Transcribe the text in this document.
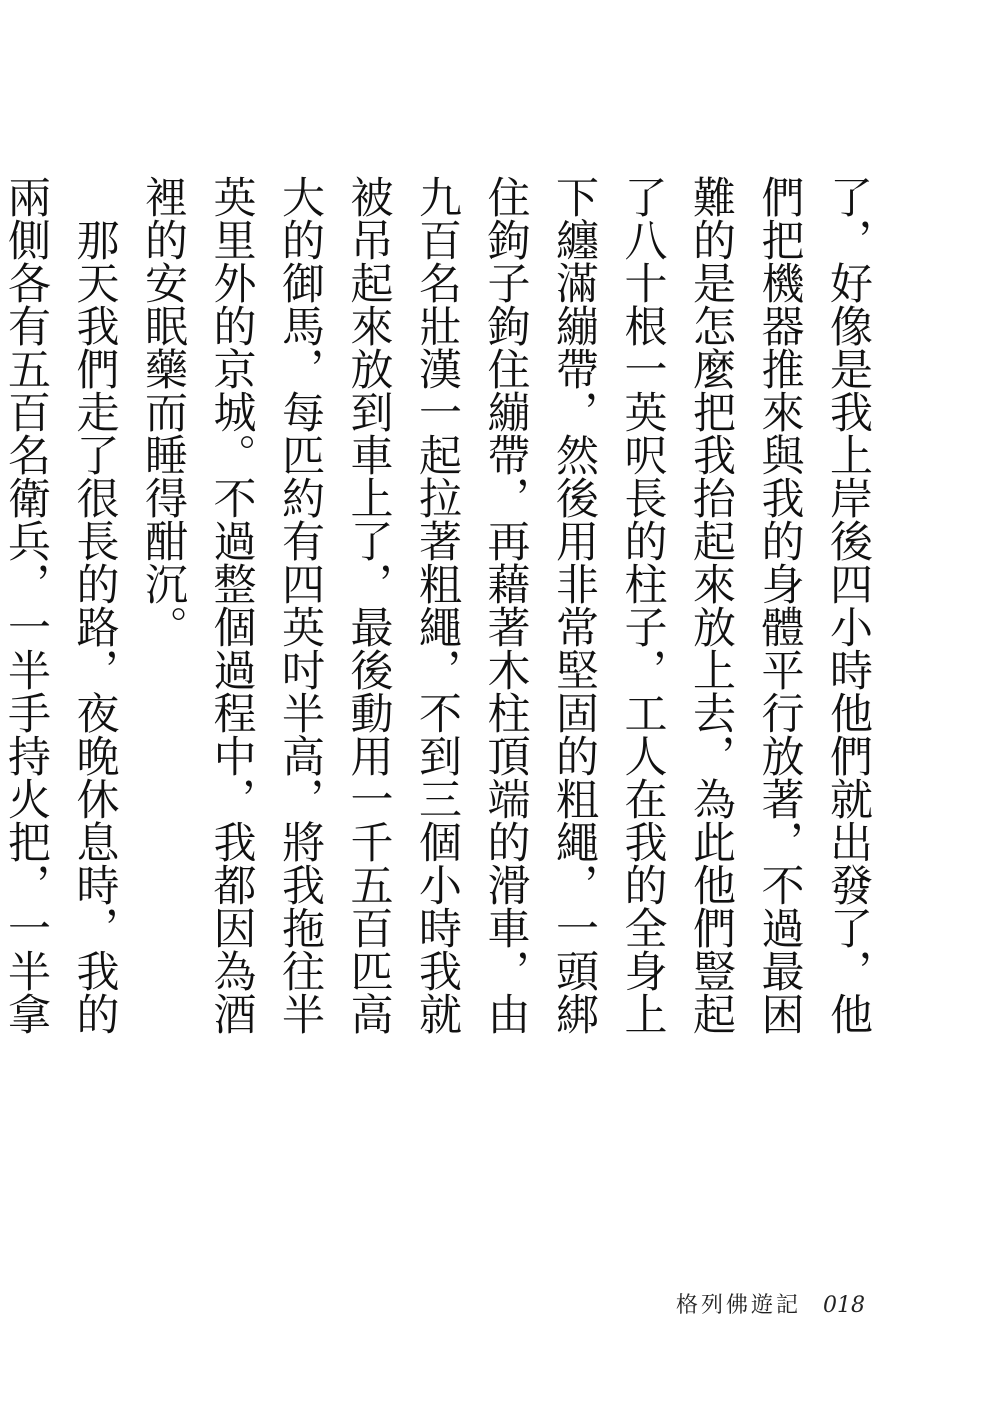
了，好像是我上岸後四小時他們就出發了，他們把機器推來與我的身體平行放著，不過最困難的是怎麼把我抬起來放上去，為此他們豎起了八十根一英呎長的柱子，工人在我的全身上下纏滿繃帶，然後用非常堅固的粗繩，一頭綁住鉤子鉤住繃帶，再藉著木柱頂端的滑車，由九百名壯漢一起拉著粗繩，不到三個小時我就被吊起來放到車上了，最後動用一千五百匹高大的御馬，每匹約有四英吋半高，將我拖往半英里外的京城。不過整個過程中，我都因為酒裡的安眠藥而睡得酣沉。

那天我們走了很長的路，夜晚休息時，我的兩側各有五百名衛兵，一半手持火把，一半拿

格列佛遊記 018
